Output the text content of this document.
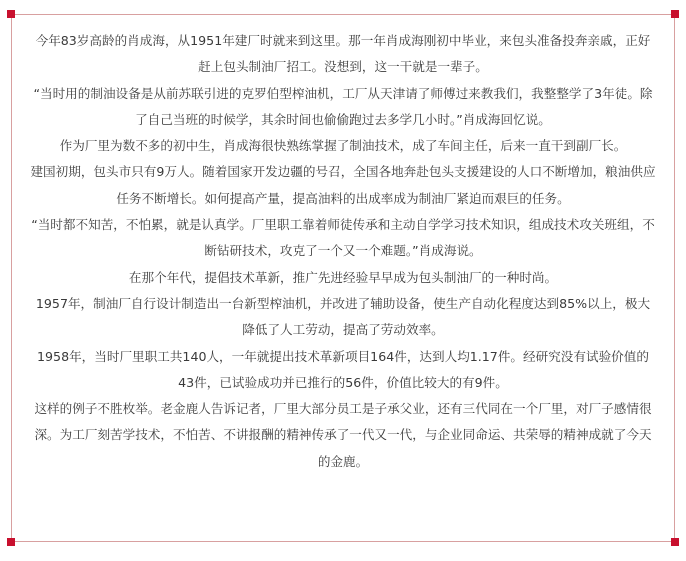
今年83岁高龄的肖成海，从1951年建厂时就来到这里。那一年肖成海刚初中毕业，来包头准备投奔亲戚，正好赶上包头制油厂招工。没想到，这一干就是一辈子。

“当时用的制油设备是从前苏联引进的克罗伯型榨油机，工厂从天津请了师傅过来教我们，我整整学了3年徒。除了自己当班的时候学，其余时间也偷偷跑过去多学几小时。”肖成海回忆说。

作为厂里为数不多的初中生，肖成海很快熟练掌握了制油技术，成了车间主任，后来一直干到副厂长。

建国初期，包头市只有9万人。随着国家开发边疆的号召，全国各地奔赴包头支援建设的人口不断增加，粮油供应任务不断增长。如何提高产量，提高油料的出成率成为制油厂紧迫而艰巨的任务。

“当时都不知苦，不怕累，就是认真学。厂里职工靠着师徒传承和主动自学学习技术知识，组成技术攻关班组，不断钻研技术，攻克了一个又一个难题。”肖成海说。

在那个年代，提倡技术革新，推广先进经验早早成为包头制油厂的一种时尚。

1957年，制油厂自行设计制造出一台新型榨油机，并改进了辅助设备，使生产自动化程度达到85%以上，极大降低了人工劳动，提高了劳动效率。

1958年，当时厂里职工共140人，一年就提出技术革新项目164件，达到人均1.17件。经研究没有试验价值的43件，已试验成功并已推行的56件，价值比较大的有9件。

这样的例子不胜枚举。老金鹿人告诉记者，厂里大部分员工是子承父业，还有三代同在一个厂里，对厂子感情很深。为工厂刻苦学技术，不怕苦、不讲报酬的精神传承了一代又一代，与企业同命运、共荣辱的精神成就了今天的金鹿。
